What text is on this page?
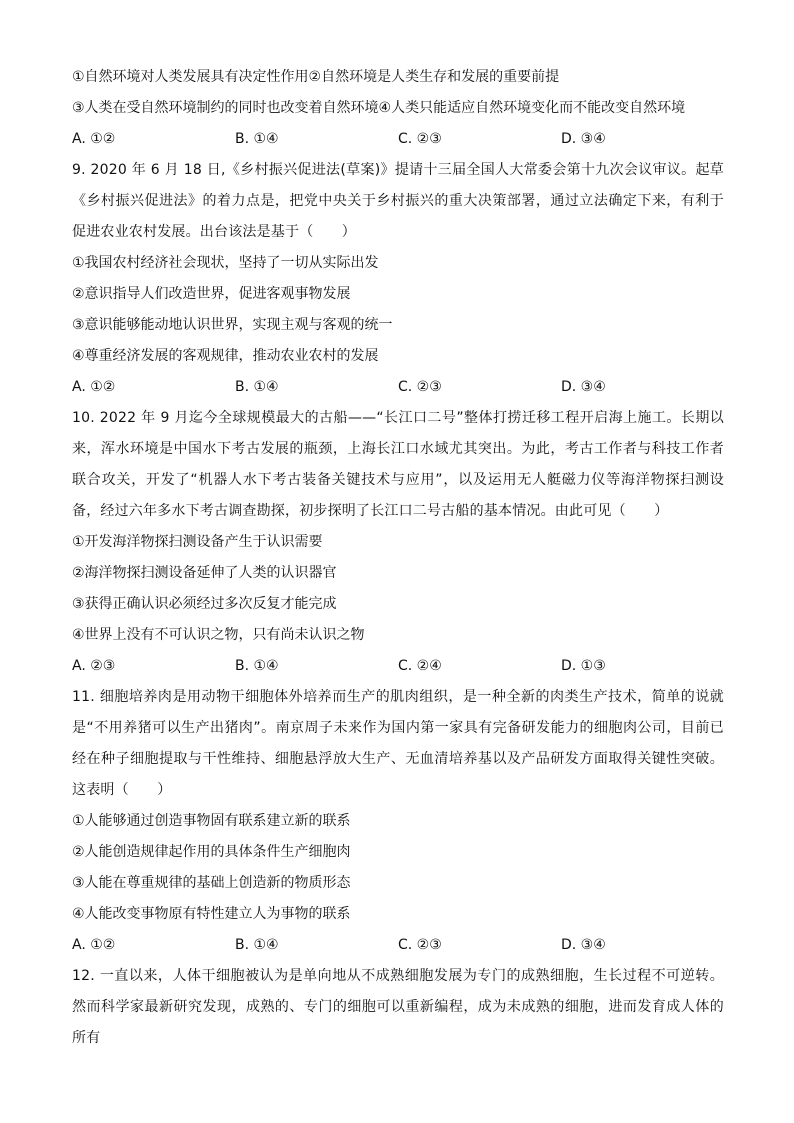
①自然环境对人类发展具有决定性作用②自然环境是人类生存和发展的重要前提
③人类在受自然环境制约的同时也改变着自然环境④人类只能适应自然环境变化而不能改变自然环境
A. ①②	B. ①④	C. ②③	D. ③④
9. 2020 年 6 月 18 日,《乡村振兴促进法(草案)》提请十三届全国人大常委会第十九次会议审议。起草《乡村振兴促进法》的着力点是，把党中央关于乡村振兴的重大决策部署，通过立法确定下来，有利于促进农业农村发展。出台该法是基于（　　）
①我国农村经济社会现状，坚持了一切从实际出发
②意识指导人们改造世界，促进客观事物发展
③意识能够能动地认识世界，实现主观与客观的统一
④尊重经济发展的客观规律，推动农业农村的发展
A. ①②	B. ①④	C. ②③	D. ③④
10. 2022 年 9 月迄今全球规模最大的古船——“长江口二号”整体打捞迁移工程开启海上施工。长期以来，浑水环境是中国水下考古发展的瓶颈，上海长江口水域尤其突出。为此，考古工作者与科技工作者联合攻关，开发了“机器人水下考古装备关键技术与应用”，以及运用无人艇磁力仪等海洋物探扫测设备，经过六年多水下考古调查勘探，初步探明了长江口二号古船的基本情况。由此可见（　　）
①开发海洋物探扫测设备产生于认识需要
②海洋物探扫测设备延伸了人类的认识器官
③获得正确认识必须经过多次反复才能完成
④世界上没有不可认识之物，只有尚未认识之物
A. ②③	B. ①④	C. ②④	D. ①③
11. 细胞培养肉是用动物干细胞体外培养而生产的肌肉组织，是一种全新的肉类生产技术，简单的说就是“不用养猪可以生产出猪肉”。南京周子未来作为国内第一家具有完备研发能力的细胞肉公司，目前已经在种子细胞提取与干性维持、细胞悬浮放大生产、无血清培养基以及产品研发方面取得关键性突破。这表明（　　）
①人能够通过创造事物固有联系建立新的联系
②人能创造规律起作用的具体条件生产细胞肉
③人能在尊重规律的基础上创造新的物质形态
④人能改变事物原有特性建立人为事物的联系
A. ①②	B. ①④	C. ②③	D. ③④
12. 一直以来，人体干细胞被认为是单向地从不成熟细胞发展为专门的成熟细胞，生长过程不可逆转。然而科学家最新研究发现，成熟的、专门的细胞可以重新编程，成为未成熟的细胞，进而发育成人体的所有
